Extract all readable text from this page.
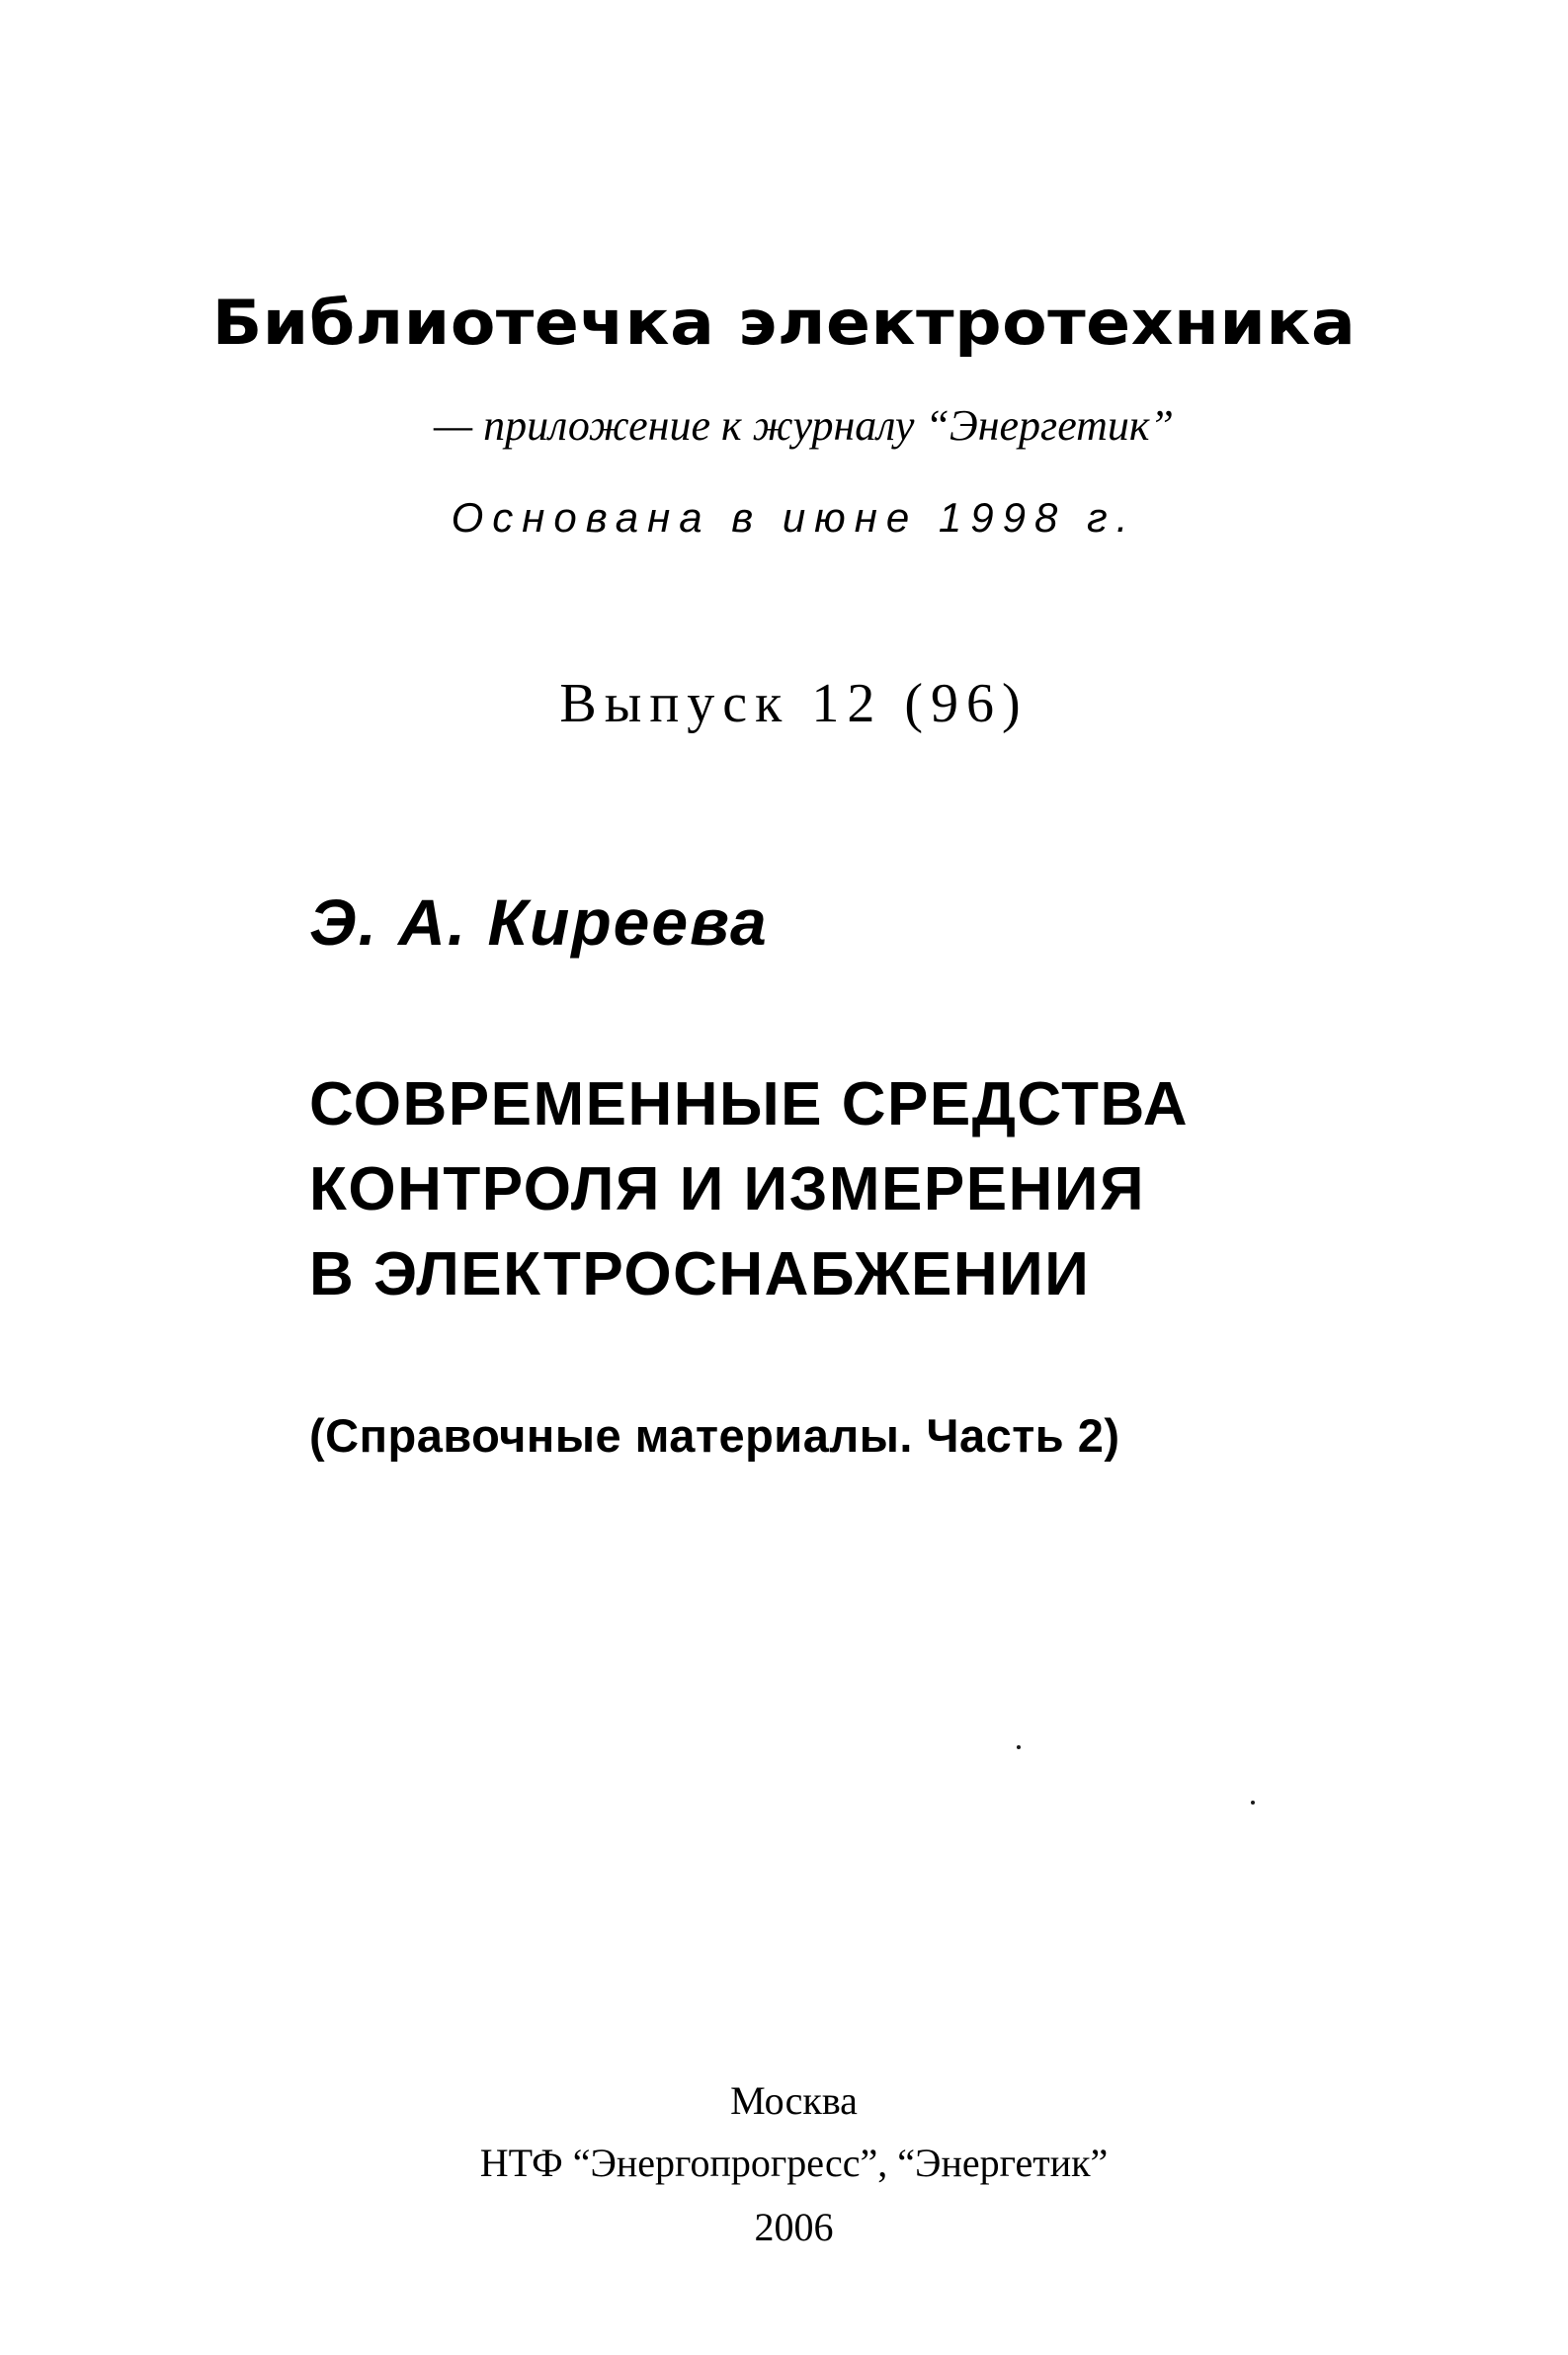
Библиотечка электротехника
— приложение к журналу “Энергетик”
Основана в июне 1998 г.
Выпуск 12 (96)
Э. А. Киреева
СОВРЕМЕННЫЕ СРЕДСТВА
КОНТРОЛЯ И ИЗМЕРЕНИЯ
В ЭЛЕКТРОСНАБЖЕНИИ
(Справочные материалы. Часть 2)
Москва
НТФ “Энергопрогресс”, “Энергетик”
2006
